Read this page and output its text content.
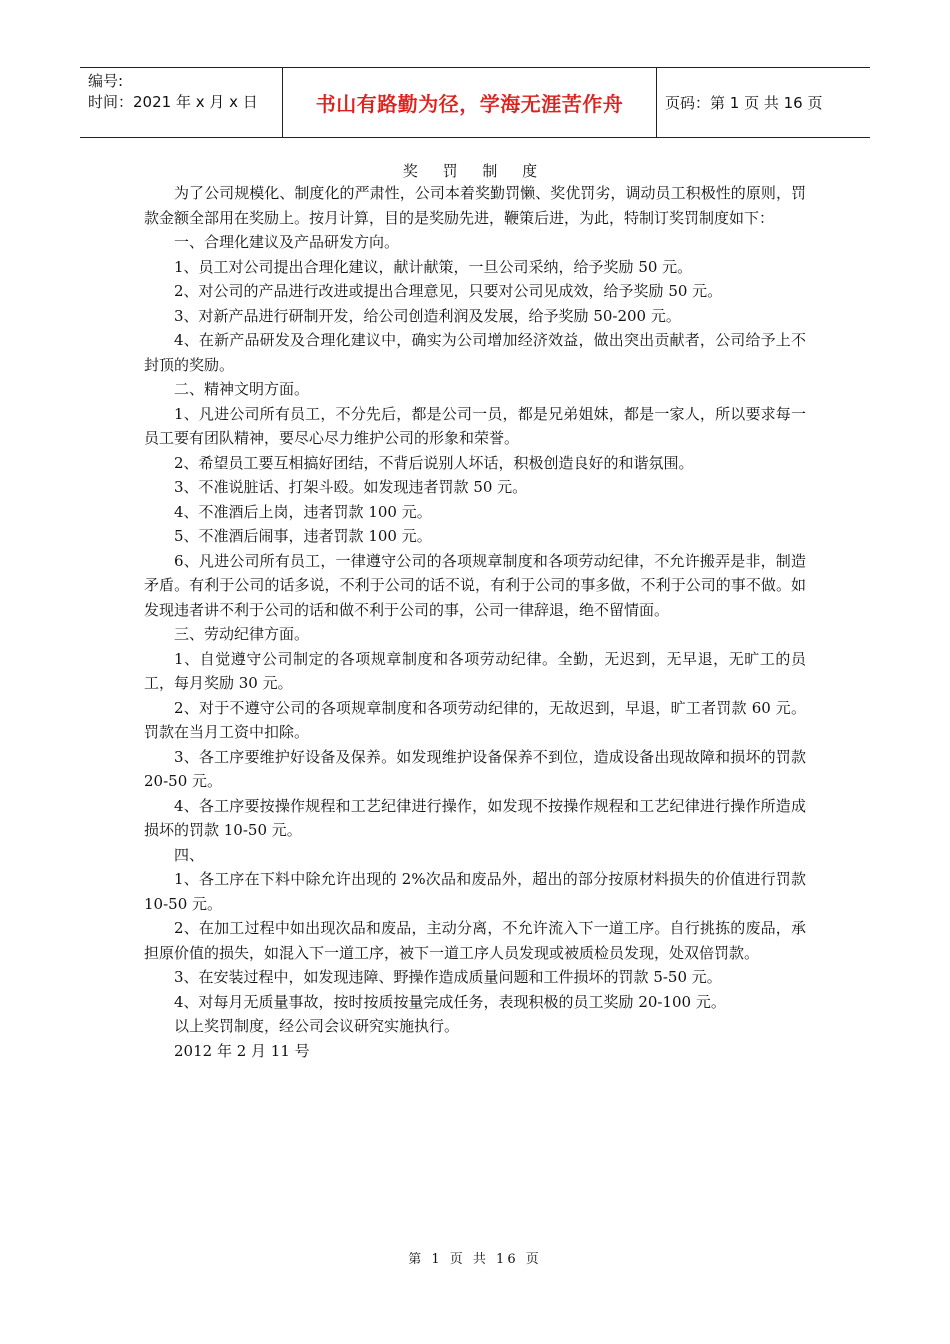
编号:
时间：2021 年 x 月 x 日	书山有路勤为径，学海无涯苦作舟	页码：第 1 页 共 16 页
奖 罚 制 度

为了公司规模化、制度化的严肃性，公司本着奖勤罚懒、奖优罚劣，调动员工积极性的原则，罚款金额全部用在奖励上。按月计算，目的是奖励先进，鞭策后进，为此，特制订奖罚制度如下：

一、合理化建议及产品研发方向。

1、员工对公司提出合理化建议，献计献策，一旦公司采纳，给予奖励 50 元。

2、对公司的产品进行改进或提出合理意见，只要对公司见成效，给予奖励 50 元。

3、对新产品进行研制开发，给公司创造利润及发展，给予奖励 50-200 元。

4、在新产品研发及合理化建议中，确实为公司增加经济效益，做出突出贡献者，公司给予上不封顶的奖励。

二、精神文明方面。

1、凡进公司所有员工，不分先后，都是公司一员，都是兄弟姐妹，都是一家人，所以要求每一员工要有团队精神，要尽心尽力维护公司的形象和荣誉。

2、希望员工要互相搞好团结，不背后说别人坏话，积极创造良好的和谐氛围。

3、不准说脏话、打架斗殴。如发现违者罚款 50 元。

4、不准酒后上岗，违者罚款 100 元。

5、不准酒后闹事，违者罚款 100 元。

6、凡进公司所有员工，一律遵守公司的各项规章制度和各项劳动纪律，不允许搬弄是非，制造矛盾。有利于公司的话多说，不利于公司的话不说，有利于公司的事多做，不利于公司的事不做。如发现违者讲不利于公司的话和做不利于公司的事，公司一律辞退，绝不留情面。

三、劳动纪律方面。

1、自觉遵守公司制定的各项规章制度和各项劳动纪律。全勤，无迟到，无早退，无旷工的员工，每月奖励 30 元。

2、对于不遵守公司的各项规章制度和各项劳动纪律的，无故迟到，早退，旷工者罚款 60 元。罚款在当月工资中扣除。

3、各工序要维护好设备及保养。如发现维护设备保养不到位，造成设备出现故障和损坏的罚款 20-50 元。

4、各工序要按操作规程和工艺纪律进行操作，如发现不按操作规程和工艺纪律进行操作所造成损坏的罚款 10-50 元。

四、

1、各工序在下料中除允许出现的 2%次品和废品外，超出的部分按原材料损失的价值进行罚款 10-50 元。

2、在加工过程中如出现次品和废品，主动分离，不允许流入下一道工序。自行挑拣的废品，承担原价值的损失，如混入下一道工序，被下一道工序人员发现或被质检员发现，处双倍罚款。

3、在安装过程中，如发现违障、野操作造成质量问题和工件损坏的罚款 5-50 元。

4、对每月无质量事故，按时按质按量完成任务，表现积极的员工奖励 20-100 元。

以上奖罚制度，经公司会议研究实施执行。

2012 年 2 月 11 号

第 1 页 共 16 页
